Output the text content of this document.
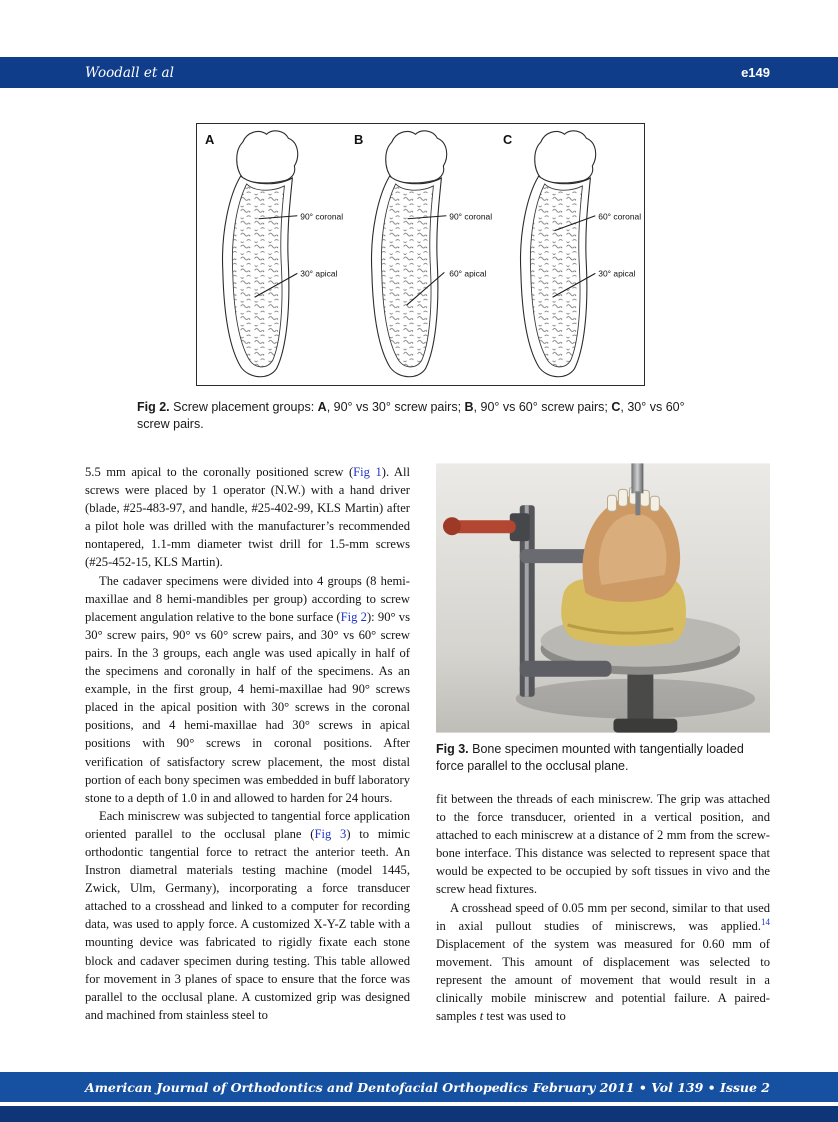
Woodall et al	e149
A
90° coronal
30° apical
B
90° coronal
60° apical
C
60° coronal
30° apical
Fig 2. Screw placement groups: A, 90° vs 30° screw pairs; B, 90° vs 60° screw pairs; C, 30° vs 60° screw pairs.

5.5 mm apical to the coronally positioned screw (Fig 1). All screws were placed by 1 operator (N.W.) with a hand driver (blade, #25-483-97, and handle, #25-402-99, KLS Martin) after a pilot hole was drilled with the manufacturer’s recommended nontapered, 1.1-mm diameter twist drill for 1.5-mm screws (#25-452-15, KLS Martin).

The cadaver specimens were divided into 4 groups (8 hemi-maxillae and 8 hemi-mandibles per group) according to screw placement angulation relative to the bone surface (Fig 2): 90° vs 30° screw pairs, 90° vs 60° screw pairs, and 30° vs 60° screw pairs. In the 3 groups, each angle was used apically in half of the specimens and coronally in half of the specimens. As an example, in the first group, 4 hemi-maxillae had 90° screws placed in the apical position with 30° screws in the coronal positions, and 4 hemi-maxillae had 30° screws in apical positions with 90° screws in coronal positions. After verification of satisfactory screw placement, the most distal portion of each bony specimen was embedded in buff laboratory stone to a depth of 1.0 in and allowed to harden for 24 hours.

Each miniscrew was subjected to tangential force application oriented parallel to the occlusal plane (Fig 3) to mimic orthodontic tangential force to retract the anterior teeth. An Instron diametral materials testing machine (model 1445, Zwick, Ulm, Germany), incorporating a force transducer attached to a crosshead and linked to a computer for recording data, was used to apply force. A customized X-Y-Z table with a mounting device was fabricated to rigidly fixate each stone block and cadaver specimen during testing. This table allowed for movement in 3 planes of space to ensure that the force was parallel to the occlusal plane. A customized grip was designed and machined from stainless steel to

Fig 3. Bone specimen mounted with tangentially loaded force parallel to the occlusal plane.

fit between the threads of each miniscrew. The grip was attached to the force transducer, oriented in a vertical position, and attached to each miniscrew at a distance of 2 mm from the screw-bone interface. This distance was selected to represent space that would be expected to be occupied by soft tissues in vivo and the screw head fixtures.

A crosshead speed of 0.05 mm per second, similar to that used in axial pullout studies of miniscrews, was applied.$^{14}$ Displacement of the system was measured for 0.60 mm of movement. This amount of displacement was selected to represent the amount of movement that would result in a clinically mobile miniscrew and potential failure. A paired-samples t test was used to

American Journal of Orthodontics and Dentofacial Orthopedics February 2011 • Vol 139 • Issue 2
